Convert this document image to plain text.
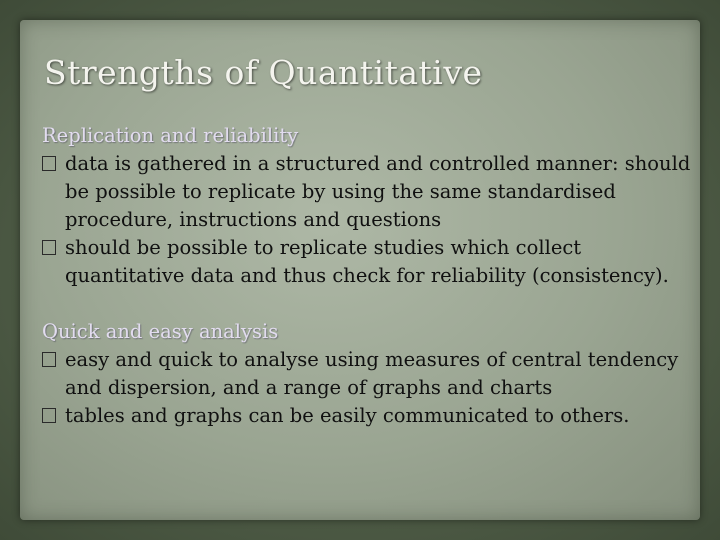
Strengths of Quantitative

Replication and reliability

data is gathered in a structured and controlled manner: should be possible to replicate by using the same standardised procedure, instructions and questions

should be possible to replicate studies which collect quantitative data and thus check for reliability (consistency).

Quick and easy analysis

easy and quick to analyse using measures of central tendency and dispersion, and a range of graphs and charts

tables and graphs can be easily communicated to others.
